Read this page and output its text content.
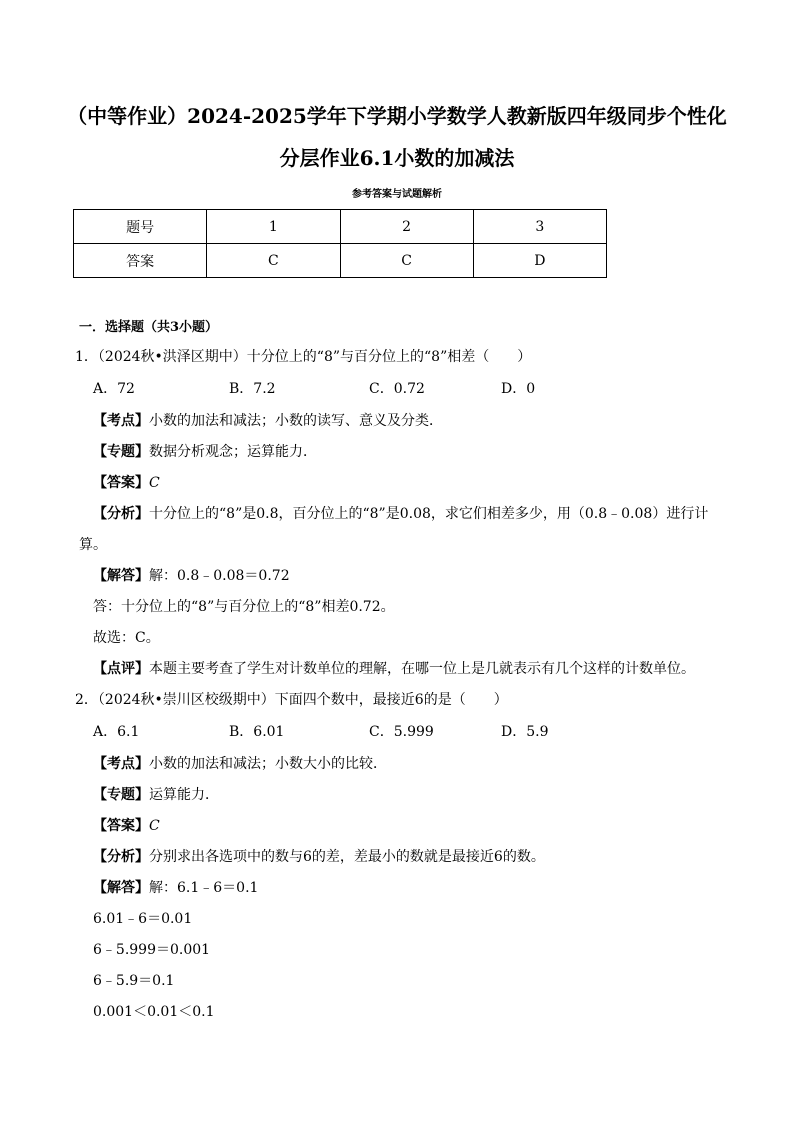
（中等作业）2024-2025学年下学期小学数学人教新版四年级同步个性化
分层作业6.1小数的加减法
参考答案与试题解析
题号	1	2	3
答案	C	C	D
一．选择题（共3小题）
1．（2024秋•洪泽区期中）十分位上的“8”与百分位上的“8”相差（　　）
A．72	B．7.2	C．0.72	D．0
【考点】小数的加法和减法；小数的读写、意义及分类．
【专题】数据分析观念；运算能力．
【答案】C
【分析】十分位上的“8”是0.8，百分位上的“8”是0.08，求它们相差多少，用（0.8﹣0.08）进行计
算。
【解答】解：0.8﹣0.08＝0.72
答：十分位上的“8”与百分位上的“8”相差0.72。
故选：C。
【点评】本题主要考查了学生对计数单位的理解，在哪一位上是几就表示有几个这样的计数单位。
2．（2024秋•崇川区校级期中）下面四个数中，最接近6的是（　　）
A．6.1	B．6.01	C．5.999	D．5.9
【考点】小数的加法和减法；小数大小的比较．
【专题】运算能力．
【答案】C
【分析】分别求出各选项中的数与6的差，差最小的数就是最接近6的数。
【解答】解：6.1﹣6＝0.1
6.01﹣6＝0.01
6﹣5.999＝0.001
6﹣5.9＝0.1
0.001＜0.01＜0.1
